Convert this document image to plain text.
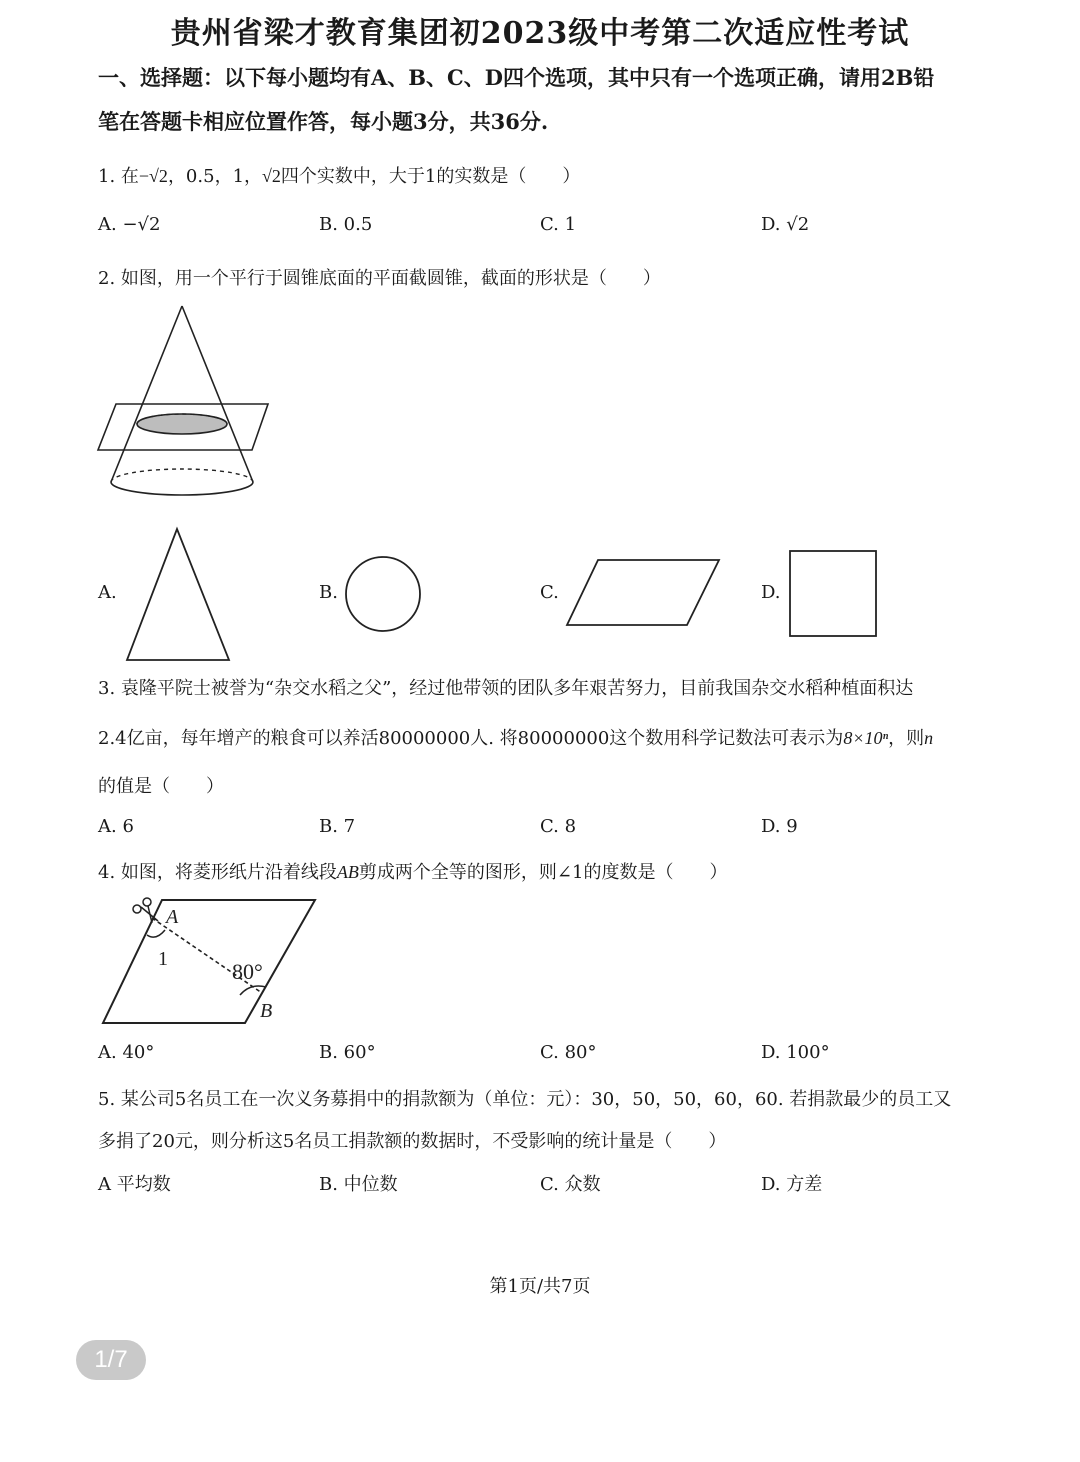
贵州省梁才教育集团初2023级中考第二次适应性考试
一、选择题：以下每小题均有A、B、C、D四个选项，其中只有一个选项正确，请用2B铅
笔在答题卡相应位置作答，每小题3分，共36分.
1. 在−√2，0.5，1，√2四个实数中，大于1的实数是（　　）
A. −√2	B. 0.5	C. 1	D. √2
2. 如图，用一个平行于圆锥底面的平面截圆锥，截面的形状是（　　）
A.	B.	C.	D.
3. 袁隆平院士被誉为“杂交水稻之父”，经过他带领的团队多年艰苦努力，目前我国杂交水稻种植面积达
2.4亿亩，每年增产的粮食可以养活80000000人. 将80000000这个数用科学记数法可表示为8×10ⁿ，则n
的值是（　　）
A. 6	B. 7	C. 8	D. 9
4. 如图，将菱形纸片沿着线段AB剪成两个全等的图形，则∠1的度数是（　　）
A
1	80°
B
A. 40°	B. 60°	C. 80°	D. 100°
5. 某公司5名员工在一次义务募捐中的捐款额为（单位：元）：30，50，50，60，60. 若捐款最少的员工又
多捐了20元，则分析这5名员工捐款额的数据时，不受影响的统计量是（　　）
A 平均数	B. 中位数	C. 众数	D. 方差
第1页/共7页
1/7
